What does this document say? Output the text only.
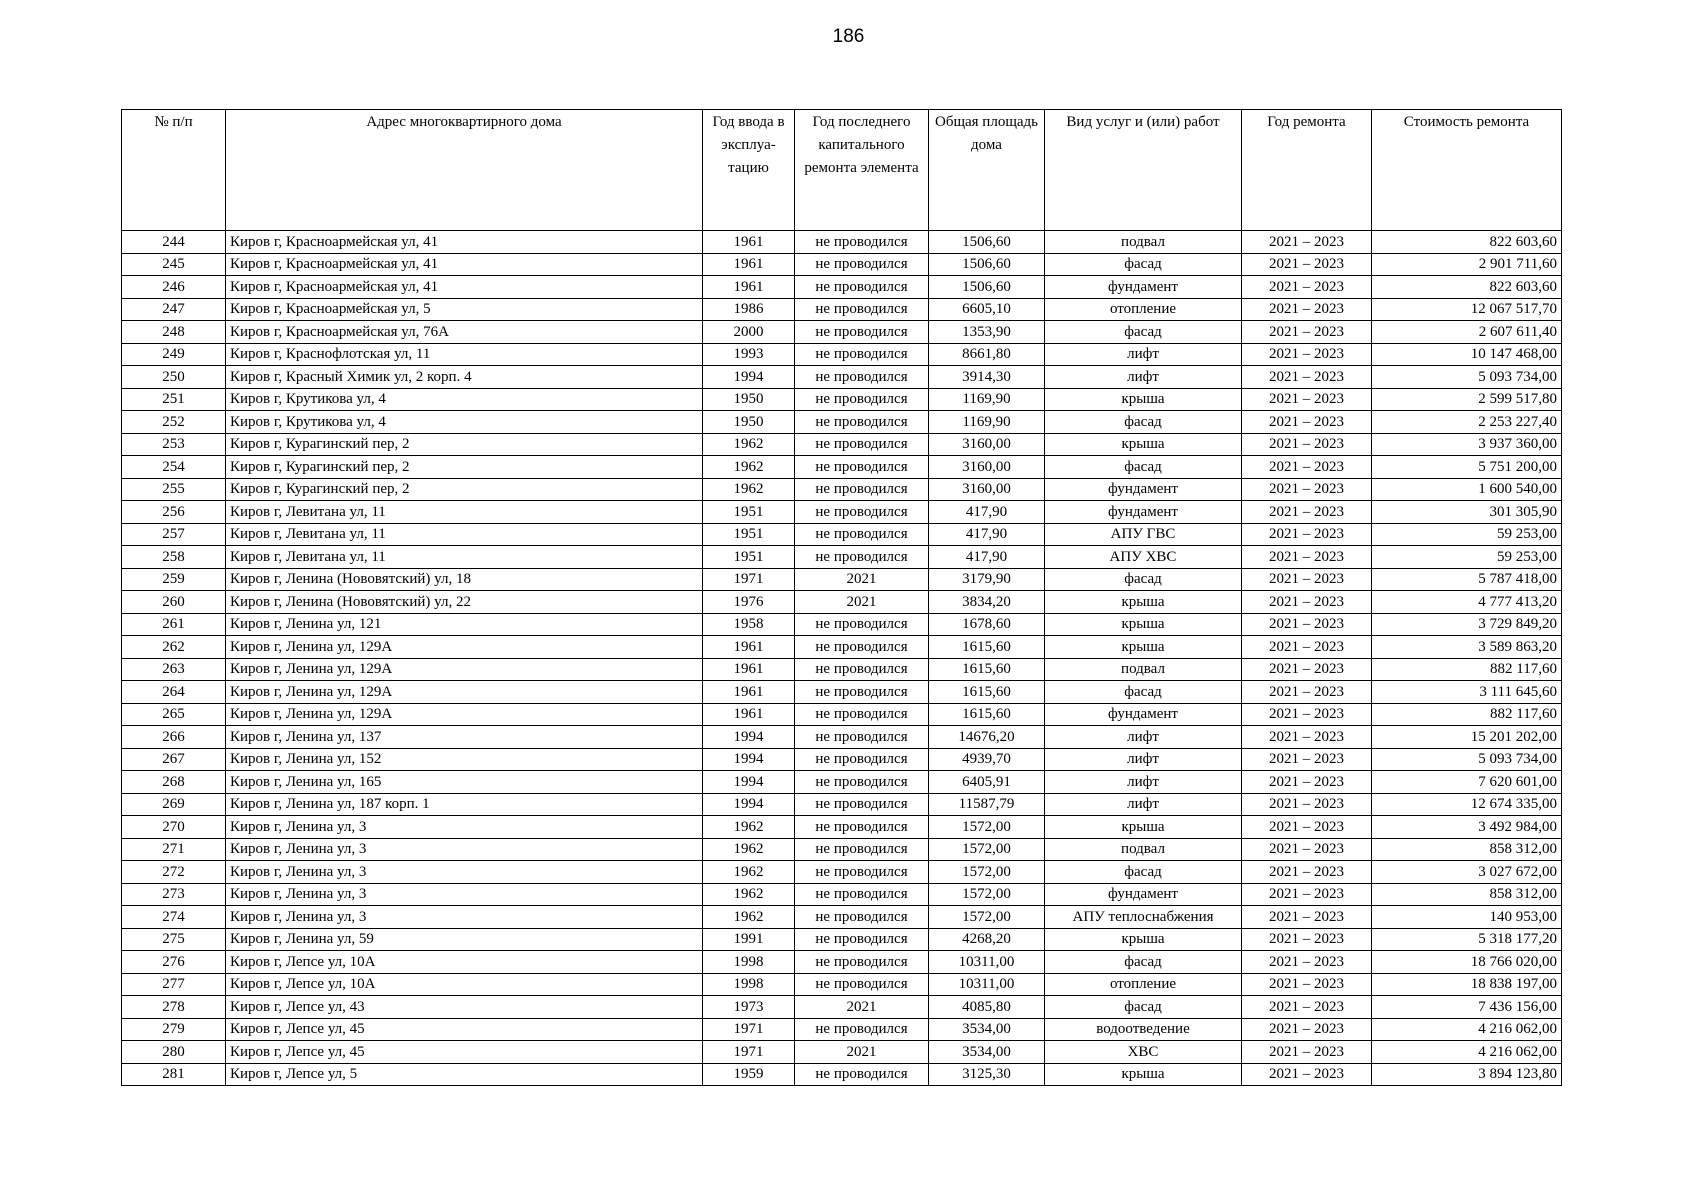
186
№ п/п	Адрес многоквартирного дома	Год ввода в эксплуа-тацию	Год последнего капитального ремонта элемента	Общая площадь дома	Вид услуг и (или) работ	Год ремонта	Стоимость ремонта
244	Киров г, Красноармейская ул, 41	1961	не проводился	1506,60	подвал	2021 – 2023	822 603,60
245	Киров г, Красноармейская ул, 41	1961	не проводился	1506,60	фасад	2021 – 2023	2 901 711,60
246	Киров г, Красноармейская ул, 41	1961	не проводился	1506,60	фундамент	2021 – 2023	822 603,60
247	Киров г, Красноармейская ул, 5	1986	не проводился	6605,10	отопление	2021 – 2023	12 067 517,70
248	Киров г, Красноармейская ул, 76А	2000	не проводился	1353,90	фасад	2021 – 2023	2 607 611,40
249	Киров г, Краснофлотская ул, 11	1993	не проводился	8661,80	лифт	2021 – 2023	10 147 468,00
250	Киров г, Красный Химик ул, 2 корп. 4	1994	не проводился	3914,30	лифт	2021 – 2023	5 093 734,00
251	Киров г, Крутикова ул, 4	1950	не проводился	1169,90	крыша	2021 – 2023	2 599 517,80
252	Киров г, Крутикова ул, 4	1950	не проводился	1169,90	фасад	2021 – 2023	2 253 227,40
253	Киров г, Курагинский пер, 2	1962	не проводился	3160,00	крыша	2021 – 2023	3 937 360,00
254	Киров г, Курагинский пер, 2	1962	не проводился	3160,00	фасад	2021 – 2023	5 751 200,00
255	Киров г, Курагинский пер, 2	1962	не проводился	3160,00	фундамент	2021 – 2023	1 600 540,00
256	Киров г, Левитана ул, 11	1951	не проводился	417,90	фундамент	2021 – 2023	301 305,90
257	Киров г, Левитана ул, 11	1951	не проводился	417,90	АПУ ГВС	2021 – 2023	59 253,00
258	Киров г, Левитана ул, 11	1951	не проводился	417,90	АПУ ХВС	2021 – 2023	59 253,00
259	Киров г, Ленина (Нововятский) ул, 18	1971	2021	3179,90	фасад	2021 – 2023	5 787 418,00
260	Киров г, Ленина (Нововятский) ул, 22	1976	2021	3834,20	крыша	2021 – 2023	4 777 413,20
261	Киров г, Ленина ул, 121	1958	не проводился	1678,60	крыша	2021 – 2023	3 729 849,20
262	Киров г, Ленина ул, 129А	1961	не проводился	1615,60	крыша	2021 – 2023	3 589 863,20
263	Киров г, Ленина ул, 129А	1961	не проводился	1615,60	подвал	2021 – 2023	882 117,60
264	Киров г, Ленина ул, 129А	1961	не проводился	1615,60	фасад	2021 – 2023	3 111 645,60
265	Киров г, Ленина ул, 129А	1961	не проводился	1615,60	фундамент	2021 – 2023	882 117,60
266	Киров г, Ленина ул, 137	1994	не проводился	14676,20	лифт	2021 – 2023	15 201 202,00
267	Киров г, Ленина ул, 152	1994	не проводился	4939,70	лифт	2021 – 2023	5 093 734,00
268	Киров г, Ленина ул, 165	1994	не проводился	6405,91	лифт	2021 – 2023	7 620 601,00
269	Киров г, Ленина ул, 187 корп. 1	1994	не проводился	11587,79	лифт	2021 – 2023	12 674 335,00
270	Киров г, Ленина ул, 3	1962	не проводился	1572,00	крыша	2021 – 2023	3 492 984,00
271	Киров г, Ленина ул, 3	1962	не проводился	1572,00	подвал	2021 – 2023	858 312,00
272	Киров г, Ленина ул, 3	1962	не проводился	1572,00	фасад	2021 – 2023	3 027 672,00
273	Киров г, Ленина ул, 3	1962	не проводился	1572,00	фундамент	2021 – 2023	858 312,00
274	Киров г, Ленина ул, 3	1962	не проводился	1572,00	АПУ теплоснабжения	2021 – 2023	140 953,00
275	Киров г, Ленина ул, 59	1991	не проводился	4268,20	крыша	2021 – 2023	5 318 177,20
276	Киров г, Лепсе ул, 10А	1998	не проводился	10311,00	фасад	2021 – 2023	18 766 020,00
277	Киров г, Лепсе ул, 10А	1998	не проводился	10311,00	отопление	2021 – 2023	18 838 197,00
278	Киров г, Лепсе ул, 43	1973	2021	4085,80	фасад	2021 – 2023	7 436 156,00
279	Киров г, Лепсе ул, 45	1971	не проводился	3534,00	водоотведение	2021 – 2023	4 216 062,00
280	Киров г, Лепсе ул, 45	1971	2021	3534,00	ХВС	2021 – 2023	4 216 062,00
281	Киров г, Лепсе ул, 5	1959	не проводился	3125,30	крыша	2021 – 2023	3 894 123,80
